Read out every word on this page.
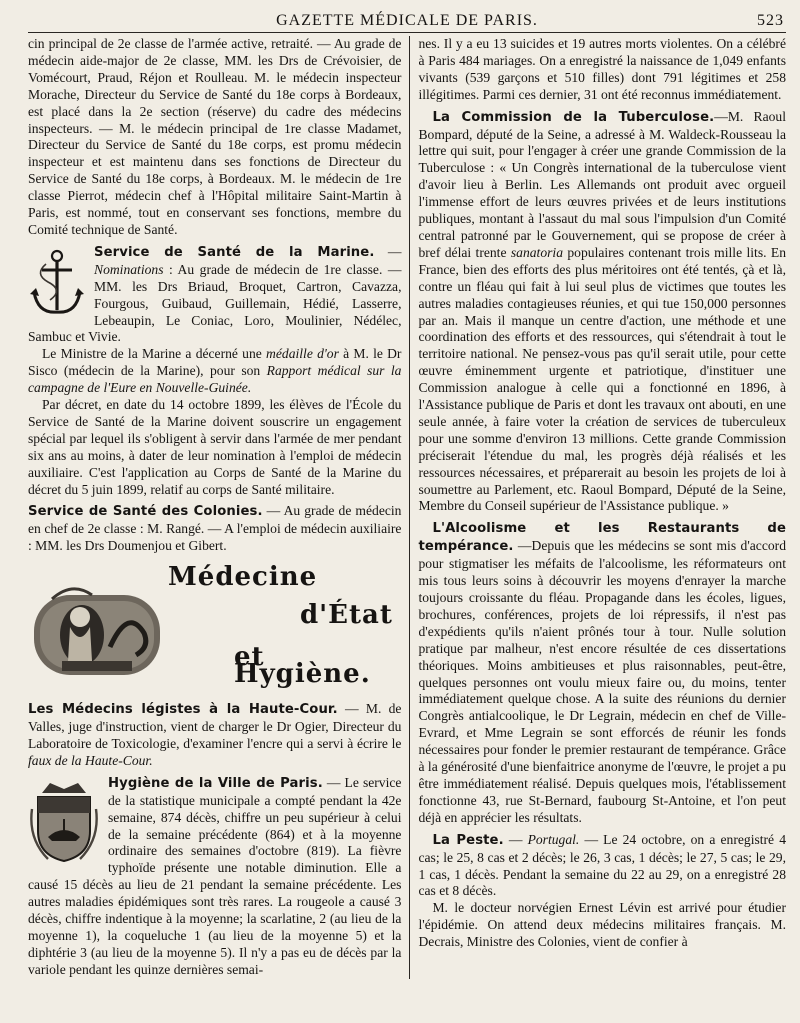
GAZETTE MÉDICALE DE PARIS.	523

cin principal de 2e classe de l'armée active, retraité. — Au grade de médecin aide-major de 2e classe, MM. les Drs de Crévoisier, de Vomécourt, Praud, Réjon et Roulleau. M. le médecin inspecteur Morache, Directeur du Service de Santé du 18e corps à Bordeaux, est placé dans la 2e section (réserve) du cadre des médecins inspecteurs. — M. le médecin principal de 1re classe Madamet, Directeur du Service de Santé du 18e corps, est promu médecin inspecteur et est maintenu dans ses fonctions de Directeur du Service de Santé du 18e corps, à Bordeaux. M. le médecin de 1re classe Pierrot, médecin chef à l'Hôpital militaire Saint-Martin à Paris, est nommé, tout en conservant ses fonctions, membre du Comité technique de Santé.

Service de Santé de la Marine. — Nominations : Au grade de médecin de 1re classe. — MM. les Drs Briaud, Broquet, Cartron, Cavazza, Fourgous, Guibaud, Guillemain, Hédié, Lasserre, Lebeaupin, Le Coniac, Loro, Moulinier, Nédélec, Sambuc et Vivie.

Le Ministre de la Marine a décerné une médaille d'or à M. le Dr Sisco (médecin de la Marine), pour son Rapport médical sur la campagne de l'Eure en Nouvelle-Guinée.

Par décret, en date du 14 octobre 1899, les élèves de l'École du Service de Santé de la Marine doivent souscrire un engagement spécial par lequel ils s'obligent à servir dans l'armée de mer pendant six ans au moins, à dater de leur nomination à l'emploi de médecin auxiliaire. C'est l'application au Corps de Santé de la Marine du décret du 5 juin 1899, relatif au corps de Santé militaire.

Service de Santé des Colonies. — Au grade de médecin en chef de 2e classe : M. Rangé. — A l'emploi de médecin auxiliaire : MM. les Drs Doumenjou et Gibert.

Médecine
d'État
et Hygiène.

Les Médecins légistes à la Haute-Cour. — M. de Valles, juge d'instruction, vient de charger le Dr Ogier, Directeur du Laboratoire de Toxicologie, d'examiner l'encre qui a servi à écrire le faux de la Haute-Cour.

Hygiène de la Ville de Paris. — Le service de la statistique municipale a compté pendant la 42e semaine, 874 décès, chiffre un peu supérieur à celui de la semaine précédente (864) et à la moyenne ordinaire des semaines d'octobre (819). La fièvre typhoïde présente une notable diminution. Elle a causé 15 décès au lieu de 21 pendant la semaine précédente. Les autres maladies épidémiques sont très rares. La rougeole a causé 3 décès, chiffre indentique à la moyenne; la scarlatine, 2 (au lieu de la moyenne 1), la coqueluche 1 (au lieu de la moyenne 5) et la diphtérie 3 (au lieu de la moyenne 5). Il n'y a pas eu de décès par la variole pendant les quinze dernières semai-

nes. Il y a eu 13 suicides et 19 autres morts violentes. On a célébré à Paris 484 mariages. On a enregistré la naissance de 1,049 enfants vivants (539 garçons et 510 filles) dont 791 légitimes et 258 illégitimes. Parmi ces dernier, 31 ont été reconnus immédiatement.

La Commission de la Tuberculose.—M. Raoul Bompard, député de la Seine, a adressé à M. Waldeck-Rousseau la lettre qui suit, pour l'engager à créer une grande Commission de la Tuberculose : « Un Congrès international de la tuberculose vient d'avoir lieu à Berlin. Les Allemands ont produit avec orgueil l'immense effort de leurs œuvres privées et de leurs institutions publiques, montant à l'assaut du mal sous l'impulsion d'un Comité central patronné par le Gouvernement, qui se propose de créer à bref délai trente sanatoria populaires contenant trois mille lits. En France, bien des efforts des plus méritoires ont été tentés, çà et là, contre un fléau qui fait à lui seul plus de victimes que toutes les autres maladies contagieuses réunies, et qui tue 150,000 personnes par an. Mais il manque un centre d'action, une méthode et une coordination des efforts et des ressources, qui s'étendrait à tout le territoire national. Ne pensez-vous pas qu'il serait utile, pour cette œuvre éminemment urgente et patriotique, d'instituer une Commission analogue à celle qui a fonctionné en 1896, à l'Assistance publique de Paris et dont les travaux ont abouti, en une seule année, à faire voter la création de services de tuberculeux pour une somme d'environ 13 millions. Cette grande Commission préciserait l'étendue du mal, les progrès déjà réalisés et les ressources nécessaires, et préparerait au besoin les projets de loi à soumettre au Parlement, etc. Raoul Bompard, Député de la Seine, Membre du Conseil supérieur de l'Assistance publique. »

L'Alcoolisme et les Restaurants de tempérance. —Depuis que les médecins se sont mis d'accord pour stigmatiser les méfaits de l'alcoolisme, les réformateurs ont mis tous leurs soins à découvrir les moyens d'enrayer la marche toujours croissante du fléau. Propagande dans les écoles, ligues, brochures, conférences, projets de loi répressifs, il n'est pas d'expédients qu'ils n'aient prônés tour à tour. Nulle solution pratique par malheur, n'est encore résultée de ces dissertations théoriques. Moins ambitieuses et plus raisonnables, peut-être, quelques personnes ont voulu mieux faire ou, du moins, tenter immédiatement quelque chose. A la suite des réunions du dernier Congrès antialcoolique, le Dr Legrain, médecin en chef de Ville-Evrard, et Mme Legrain se sont efforcés de réunir les fonds nécessaires pour fonder le premier restaurant de tempérance. Grâce à la générosité d'une bienfaitrice anonyme de l'œuvre, le projet a pu être immédiatement réalisé. Depuis quelques mois, l'établissement fonctionne 43, rue St-Bernard, faubourg St-Antoine, et l'on peut déjà en apprécier les résultats.

La Peste. — Portugal. — Le 24 octobre, on a enregistré 4 cas; le 25, 8 cas et 2 décès; le 26, 3 cas, 1 décès; le 27, 5 cas; le 29, 1 cas, 1 décès. Pendant la semaine du 22 au 29, on a enregistré 28 cas et 8 décès.

M. le docteur norvégien Ernest Lévin est arrivé pour étudier l'épidémie. On attend deux médecins militaires français. M. Decrais, Ministre des Colonies, vient de confier à
